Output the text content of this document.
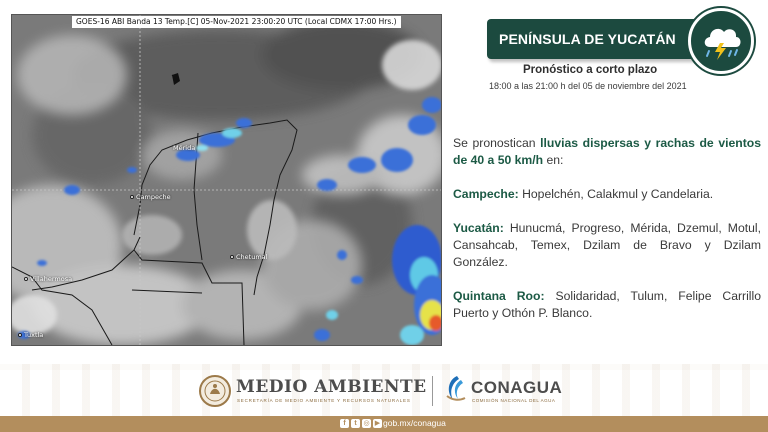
GOES-16 ABI Banda 13 Temp.[C] 05-Nov-2021 23:00:20 UTC (Local CDMX 17:00 Hrs.)
Mérida
Campeche
Chetumal
Villahermosa
Tuxtla
PENÍNSULA DE YUCATÁN
Pronóstico a corto plazo
18:00 a las 21:00 h del 05 de noviembre del 2021

Se pronostican lluvias dispersas y rachas de vientos de 40 a 50 km/h en:

Campeche: Hopelchén, Calakmul y Candelaria.

Yucatán: Hunucmá, Progreso, Mérida, Dzemul, Motul, Cansahcab, Temex, Dzilam de Bravo y Dzilam González.

Quintana Roo: Solidaridad, Tulum, Felipe Carrillo Puerto y Othón P. Blanco.

MEDIO AMBIENTE
SECRETARÍA DE MEDIO AMBIENTE Y RECURSOS NATURALES
CONAGUA
COMISIÓN NACIONAL DEL AGUA
f	t ◎ ▶ gob.mx/conagua
